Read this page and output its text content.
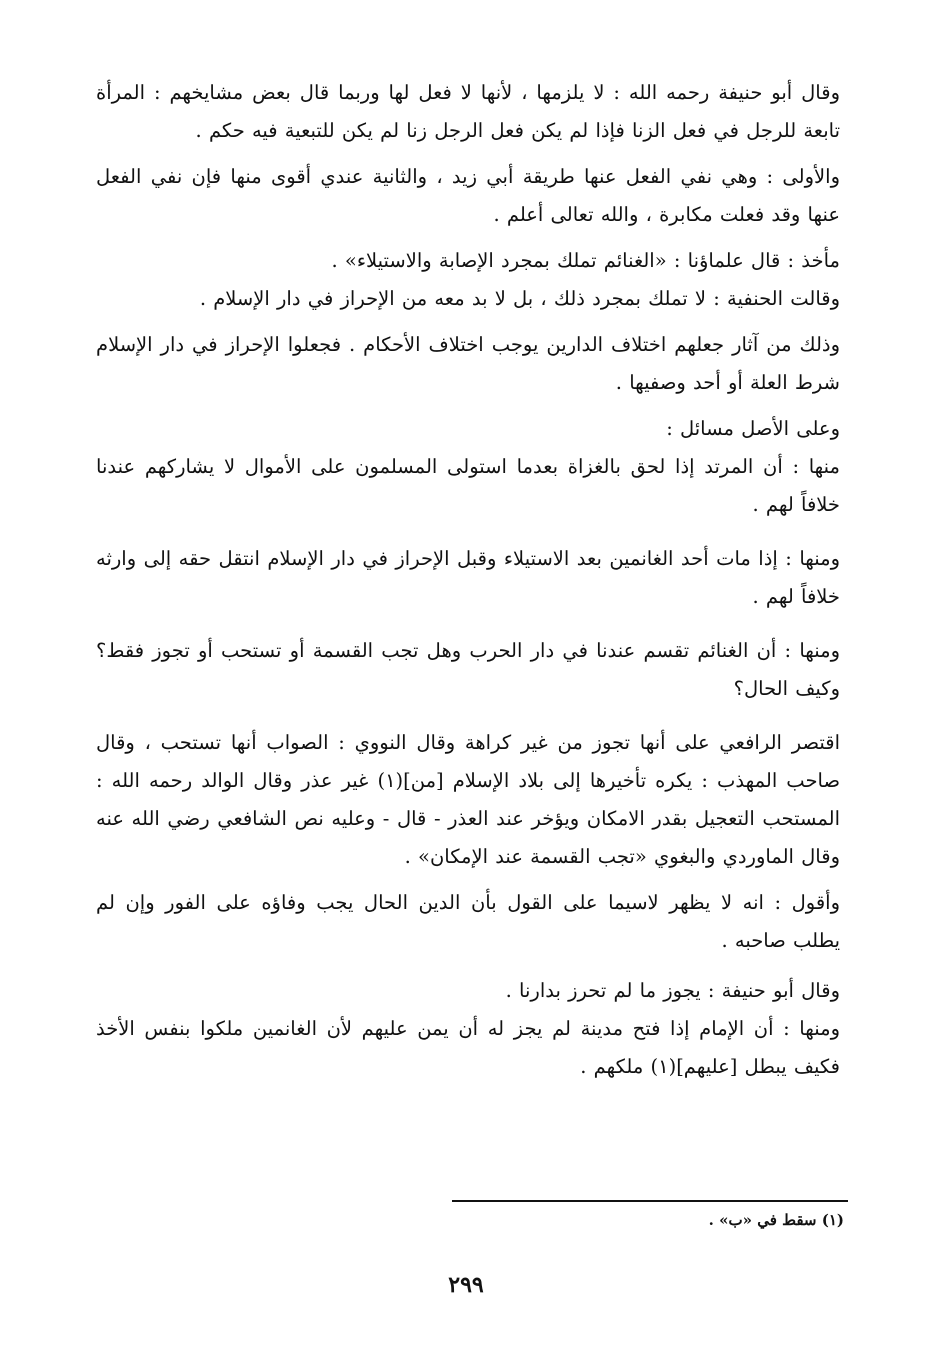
وقال أبو حنيفة رحمه الله : لا يلزمها ، لأنها لا فعل لها وربما قال بعض مشايخهم : المرأة تابعة للرجل في فعل الزنا فإذا لم يكن فعل الرجل زنا لم يكن للتبعية فيه حكم .

والأولى : وهي نفي الفعل عنها طريقة أبي زيد ، والثانية عندي أقوى منها فإن نفي الفعل عنها وقد فعلت مكابرة ، والله تعالى أعلم .

مأخذ : قال علماؤنا : «الغنائم تملك بمجرد الإصابة والاستيلاء» .

وقالت الحنفية : لا تملك بمجرد ذلك ، بل لا بد معه من الإحراز في دار الإسلام .

وذلك من آثار جعلهم اختلاف الدارين يوجب اختلاف الأحكام . فجعلوا الإحراز في دار الإسلام شرط العلة أو أحد وصفيها .

وعلى الأصل مسائل :

منها : أن المرتد إذا لحق بالغزاة بعدما استولى المسلمون على الأموال لا يشاركهم عندنا خلافاً لهم .

ومنها : إذا مات أحد الغانمين بعد الاستيلاء وقبل الإحراز في دار الإسلام انتقل حقه إلى وارثه خلافاً لهم .

ومنها : أن الغنائم تقسم عندنا في دار الحرب وهل تجب القسمة أو تستحب أو تجوز فقط؟ وكيف الحال؟

اقتصر الرافعي على أنها تجوز من غير كراهة وقال النووي : الصواب أنها تستحب ، وقال صاحب المهذب : يكره تأخيرها إلى بلاد الإسلام [من](١) غير عذر وقال الوالد رحمه الله : المستحب التعجيل بقدر الامكان ويؤخر عند العذر - قال - وعليه نص الشافعي رضي الله عنه وقال الماوردي والبغوي «تجب القسمة عند الإمكان» .

وأقول : انه لا يظهر لاسيما على القول بأن الدين الحال يجب وفاؤه على الفور وإن لم يطلب صاحبه .

وقال أبو حنيفة : يجوز ما لم تحرز بدارنا .

ومنها : أن الإمام إذا فتح مدينة لم يجز له أن يمن عليهم لأن الغانمين ملكوا بنفس الأخذ فكيف يبطل [عليهم](١) ملكهم .

(١) سقط في «ب» .
٢٩٩
